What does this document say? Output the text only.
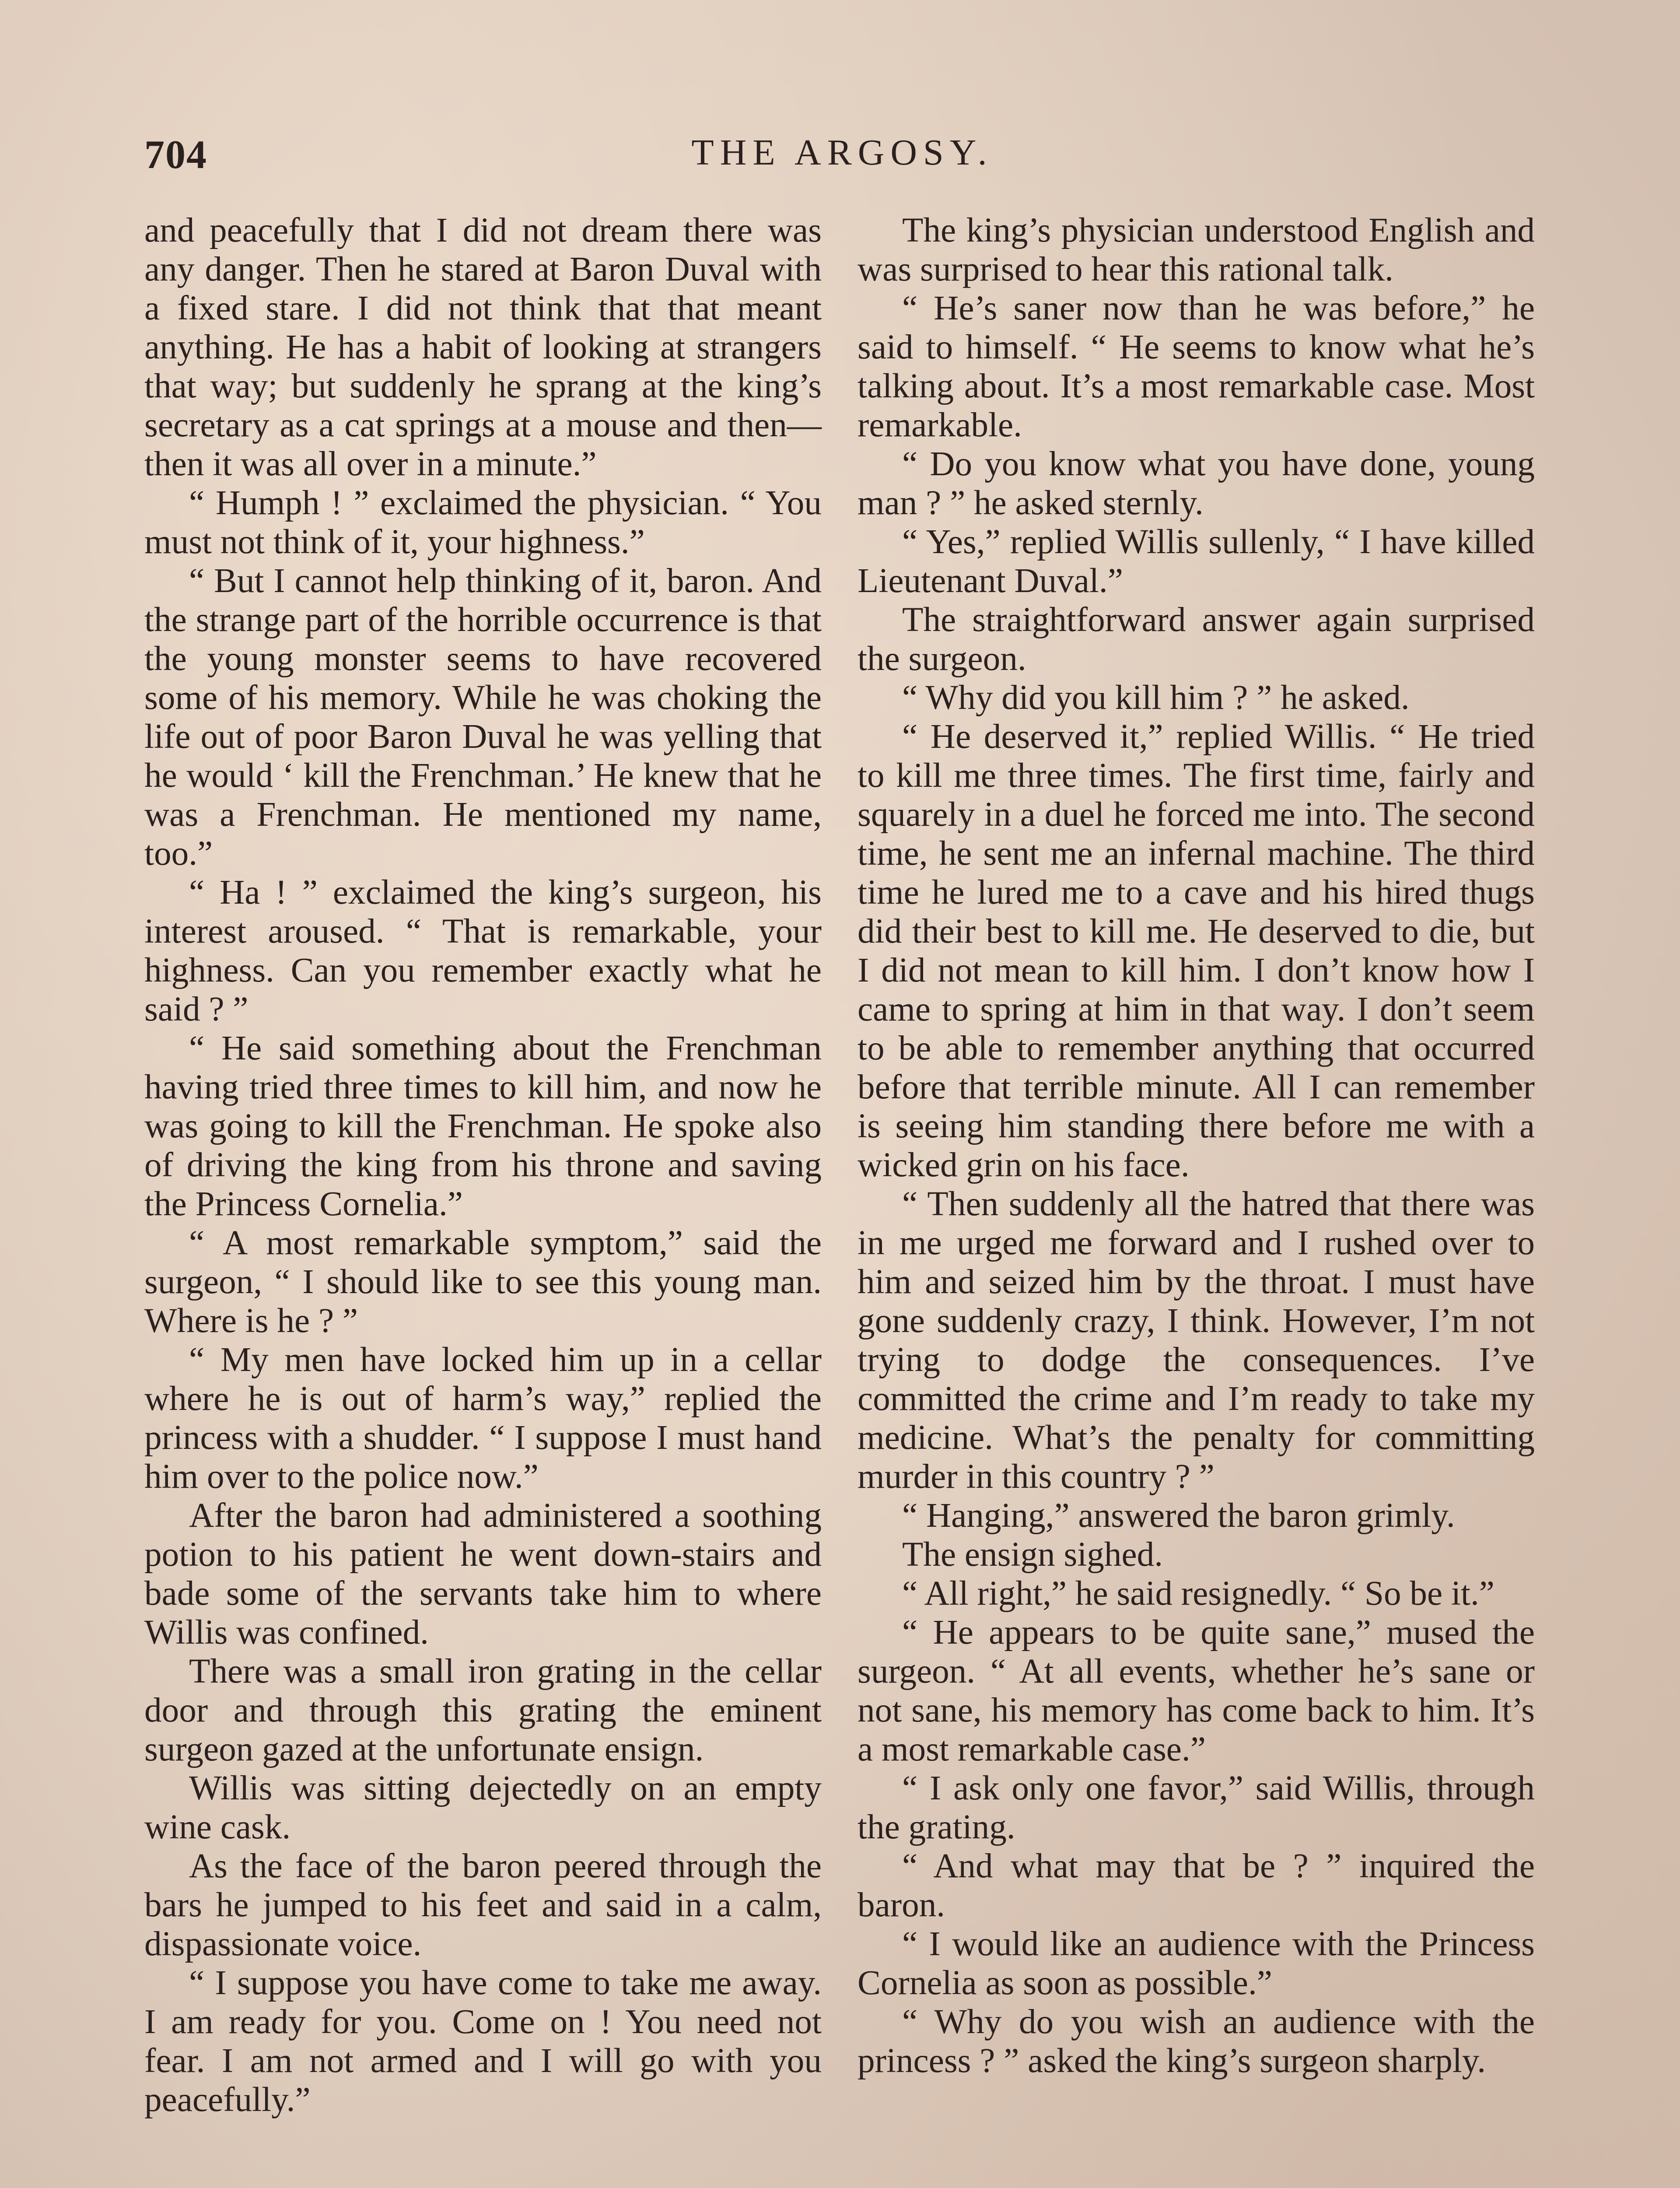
704	THE ARGOSY.

and peacefully that I did not dream there was any danger. Then he stared at Baron Duval with a fixed stare. I did not think that that meant anything. He has a habit of looking at strangers that way; but suddenly he sprang at the king’s secretary as a cat springs at a mouse and then—then it was all over in a minute.”

“ Humph ! ” exclaimed the physician. “ You must not think of it, your highness.”

“ But I cannot help thinking of it, baron. And the strange part of the horrible occurrence is that the young monster seems to have recovered some of his memory. While he was choking the life out of poor Baron Duval he was yelling that he would ‘ kill the Frenchman.’ He knew that he was a Frenchman. He mentioned my name, too.”

“ Ha ! ” exclaimed the king’s surgeon, his interest aroused. “ That is remarkable, your highness. Can you remember exactly what he said ? ”

“ He said something about the Frenchman having tried three times to kill him, and now he was going to kill the Frenchman. He spoke also of driving the king from his throne and saving the Princess Cornelia.”

“ A most remarkable symptom,” said the surgeon, “ I should like to see this young man. Where is he ? ”

“ My men have locked him up in a cellar where he is out of harm’s way,” replied the princess with a shudder. “ I suppose I must hand him over to the police now.”

After the baron had administered a soothing potion to his patient he went down-stairs and bade some of the servants take him to where Willis was confined.

There was a small iron grating in the cellar door and through this grating the eminent surgeon gazed at the unfortunate ensign.

Willis was sitting dejectedly on an empty wine cask.

As the face of the baron peered through the bars he jumped to his feet and said in a calm, dispassionate voice.

“ I suppose you have come to take me away. I am ready for you. Come on ! You need not fear. I am not armed and I will go with you peacefully.”

The king’s physician understood English and was surprised to hear this rational talk.

“ He’s saner now than he was before,” he said to himself. “ He seems to know what he’s talking about. It’s a most remarkable case. Most remarkable.

“ Do you know what you have done, young man ? ” he asked sternly.

“ Yes,” replied Willis sullenly, “ I have killed Lieutenant Duval.”

The straightforward answer again surprised the surgeon.

“ Why did you kill him ? ” he asked.

“ He deserved it,” replied Willis. “ He tried to kill me three times. The first time, fairly and squarely in a duel he forced me into. The second time, he sent me an infernal machine. The third time he lured me to a cave and his hired thugs did their best to kill me. He deserved to die, but I did not mean to kill him. I don’t know how I came to spring at him in that way. I don’t seem to be able to remember anything that occurred before that terrible minute. All I can remember is seeing him standing there before me with a wicked grin on his face.

“ Then suddenly all the hatred that there was in me urged me forward and I rushed over to him and seized him by the throat. I must have gone suddenly crazy, I think. However, I’m not trying to dodge the consequences. I’ve committed the crime and I’m ready to take my medicine. What’s the penalty for committing murder in this country ? ”

“ Hanging,” answered the baron grimly.

The ensign sighed.

“ All right,” he said resignedly. “ So be it.”

“ He appears to be quite sane,” mused the surgeon. “ At all events, whether he’s sane or not sane, his memory has come back to him. It’s a most remarkable case.”

“ I ask only one favor,” said Willis, through the grating.

“ And what may that be ? ” inquired the baron.

“ I would like an audience with the Princess Cornelia as soon as possible.”

“ Why do you wish an audience with the princess ? ” asked the king’s surgeon sharply.
